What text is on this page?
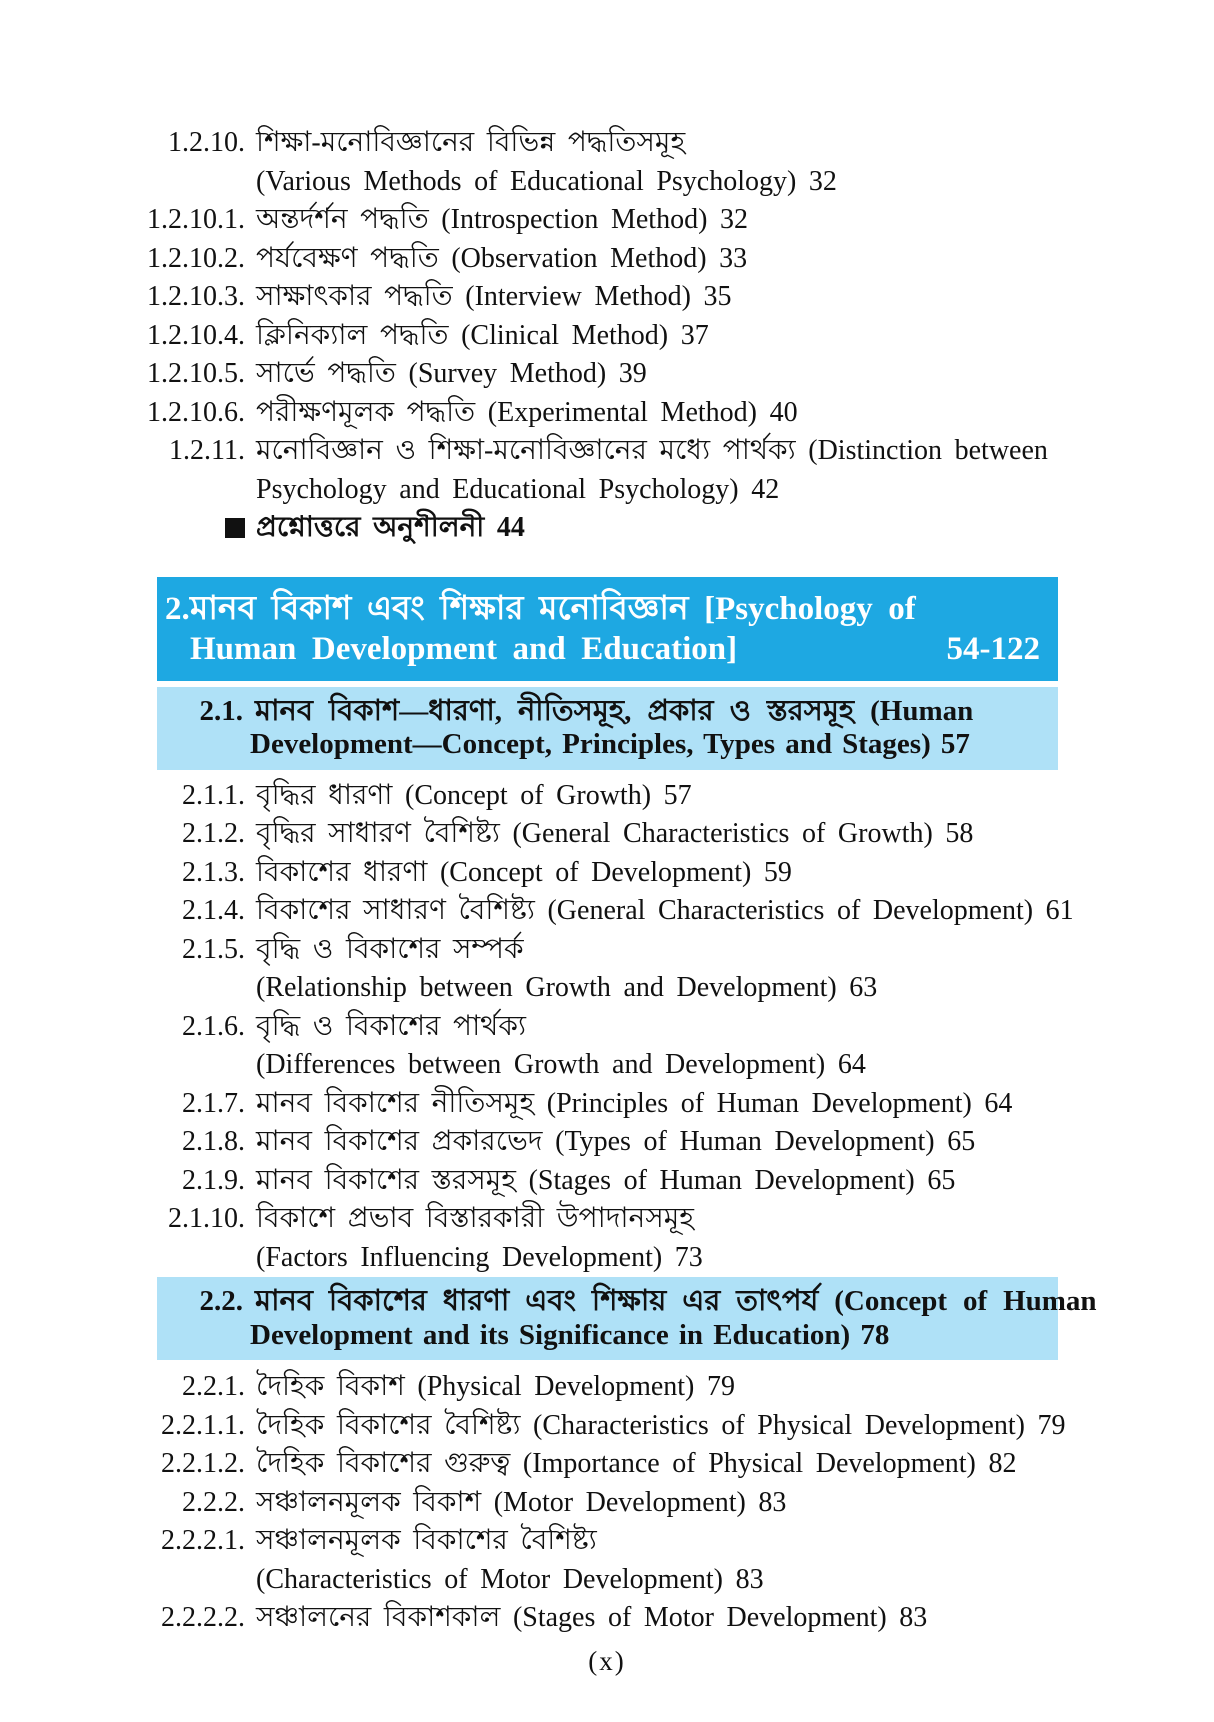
1.2.10. শিক্ষা-মনোবিজ্ঞানের বিভিন্ন পদ্ধতিসমূহ
(Various Methods of Educational Psychology) 32
1.2.10.1. অন্তর্দর্শন পদ্ধতি (Introspection Method) 32
1.2.10.2. পর্যবেক্ষণ পদ্ধতি (Observation Method) 33
1.2.10.3. সাক্ষাৎকার পদ্ধতি (Interview Method) 35
1.2.10.4. ক্লিনিক্যাল পদ্ধতি (Clinical Method) 37
1.2.10.5. সার্ভে পদ্ধতি (Survey Method) 39
1.2.10.6. পরীক্ষণমূলক পদ্ধতি (Experimental Method) 40
1.2.11. মনোবিজ্ঞান ও শিক্ষা-মনোবিজ্ঞানের মধ্যে পার্থক্য (Distinction between
Psychology and Educational Psychology) 42
প্রশ্নোত্তরে অনুশীলনী 44
2. মানব বিকাশ এবং শিক্ষার মনোবিজ্ঞান [Psychology of
Human Development and Education]	54-122
2.1. মানব বিকাশ—ধারণা, নীতিসমূহ, প্রকার ও স্তরসমূহ (Human
Development—Concept, Principles, Types and Stages) 57
2.1.1. বৃদ্ধির ধারণা (Concept of Growth) 57
2.1.2. বৃদ্ধির সাধারণ বৈশিষ্ট্য (General Characteristics of Growth) 58
2.1.3. বিকাশের ধারণা (Concept of Development) 59
2.1.4. বিকাশের সাধারণ বৈশিষ্ট্য (General Characteristics of Development) 61
2.1.5. বৃদ্ধি ও বিকাশের সম্পর্ক
(Relationship between Growth and Development) 63
2.1.6. বৃদ্ধি ও বিকাশের পার্থক্য
(Differences between Growth and Development) 64
2.1.7. মানব বিকাশের নীতিসমূহ (Principles of Human Development) 64
2.1.8. মানব বিকাশের প্রকারভেদ (Types of Human Development) 65
2.1.9. মানব বিকাশের স্তরসমূহ (Stages of Human Development) 65
2.1.10. বিকাশে প্রভাব বিস্তারকারী উপাদানসমূহ
(Factors Influencing Development) 73
2.2. মানব বিকাশের ধারণা এবং শিক্ষায় এর তাৎপর্য (Concept of Human
Development and its Significance in Education) 78
2.2.1. দৈহিক বিকাশ (Physical Development) 79
2.2.1.1. দৈহিক বিকাশের বৈশিষ্ট্য (Characteristics of Physical Development) 79
2.2.1.2. দৈহিক বিকাশের গুরুত্ব (Importance of Physical Development) 82
2.2.2. সঞ্চালনমূলক বিকাশ (Motor Development) 83
2.2.2.1. সঞ্চালনমূলক বিকাশের বৈশিষ্ট্য
(Characteristics of Motor Development) 83
2.2.2.2. সঞ্চালনের বিকাশকাল (Stages of Motor Development) 83
(x)
